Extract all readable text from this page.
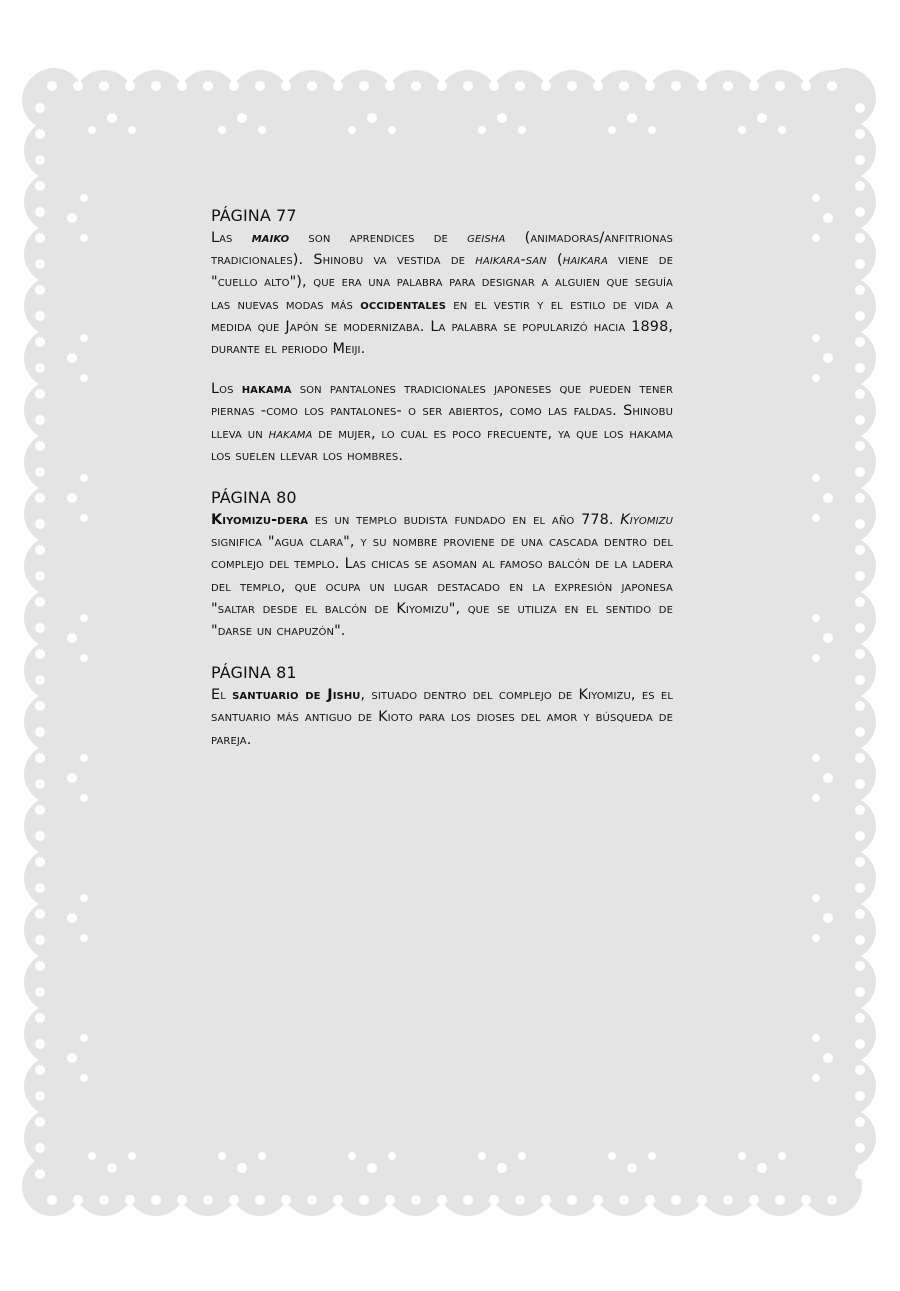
PÁGINA 77

Las maiko son aprendices de geisha (animadoras/anfitrionas tradicionales). Shinobu va vestida de haikara-san (haikara viene de "cuello alto"), que era una palabra para designar a alguien que seguía las nuevas modas más occidentales en el vestir y el estilo de vida a medida que Japón se modernizaba. La palabra se popularizó hacia 1898, durante el periodo Meiji.

Los hakama son pantalones tradicionales japoneses que pueden tener piernas -como los pantalones- o ser abiertos, como las faldas. Shinobu lleva un hakama de mujer, lo cual es poco frecuente, ya que los hakama los suelen llevar los hombres.

PÁGINA 80

Kiyomizu-dera es un templo budista fundado en el año 778. Kiyomizu significa "agua clara", y su nombre proviene de una cascada dentro del complejo del templo. Las chicas se asoman al famoso balcón de la ladera del templo, que ocupa un lugar destacado en la expresión japonesa "saltar desde el balcón de Kiyomizu", que se utiliza en el sentido de "darse un chapuzón".

PÁGINA 81

El santuario de Jishu, situado dentro del complejo de Kiyomizu, es el santuario más antiguo de Kioto para los dioses del amor y búsqueda de pareja.
